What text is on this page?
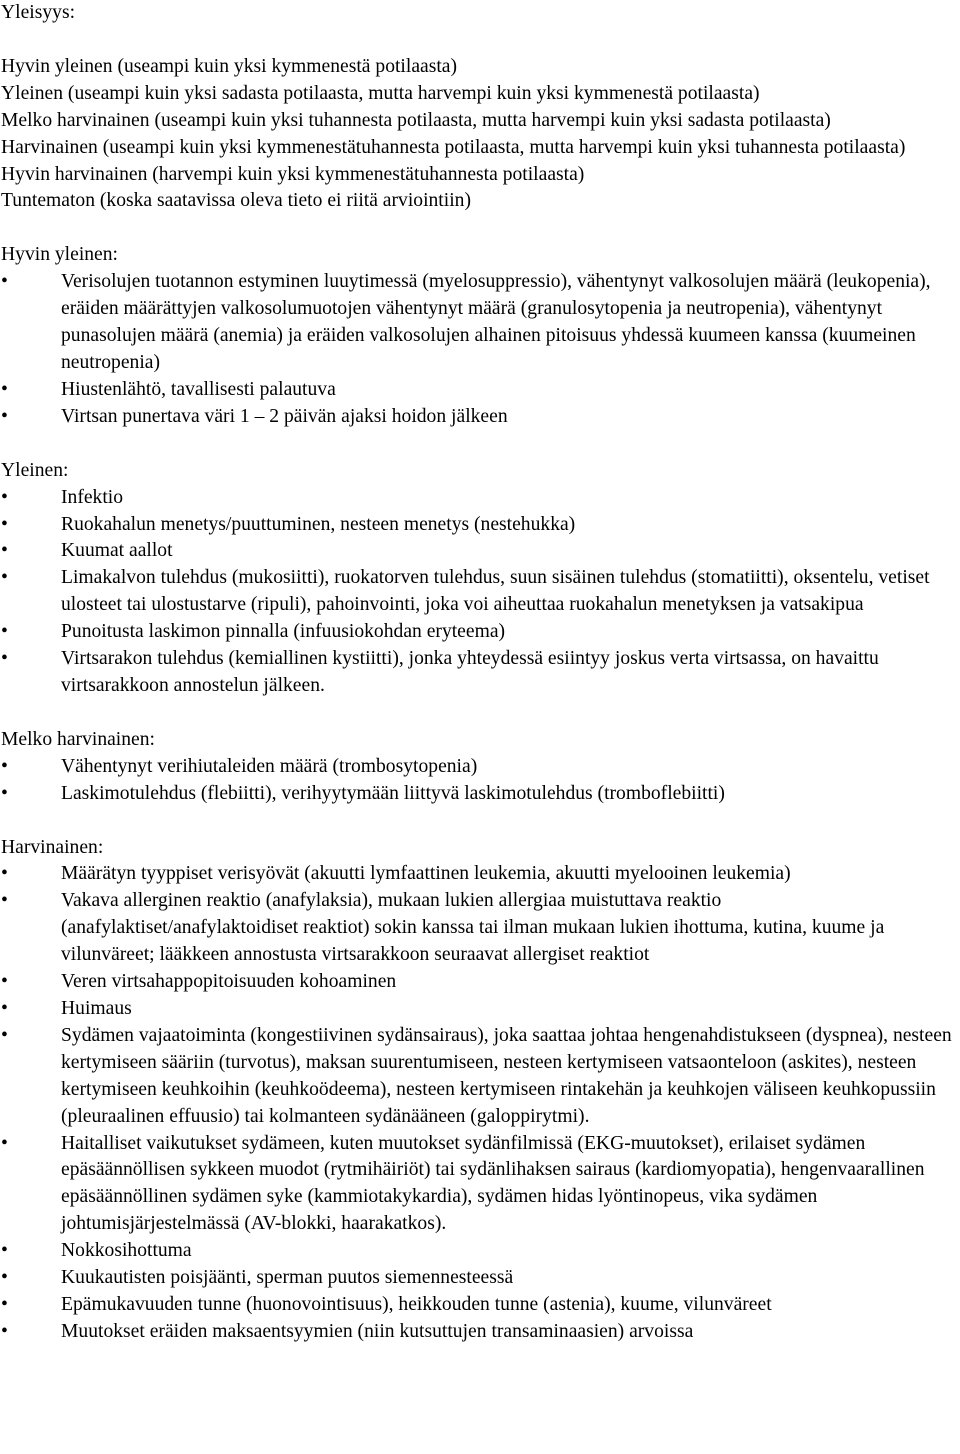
Yleisyys:

Hyvin yleinen (useampi kuin yksi kymmenestä potilaasta)
Yleinen (useampi kuin yksi sadasta potilaasta, mutta harvempi kuin yksi kymmenestä potilaasta)
Melko harvinainen (useampi kuin yksi tuhannesta potilaasta, mutta harvempi kuin yksi sadasta potilaasta)
Harvinainen (useampi kuin yksi kymmenestätuhannesta potilaasta, mutta harvempi kuin yksi tuhannesta potilaasta)
Hyvin harvinainen (harvempi kuin yksi kymmenestätuhannesta potilaasta)
Tuntematon (koska saatavissa oleva tieto ei riitä arviointiin)

Hyvin yleinen:

•	Verisolujen tuotannon estyminen luuytimessä (myelosuppressio), vähentynyt valkosolujen määrä (leukopenia), eräiden määrättyjen valkosolumuotojen vähentynyt määrä (granulosytopenia ja neutropenia), vähentynyt punasolujen määrä (anemia) ja eräiden valkosolujen alhainen pitoisuus yhdessä kuumeen kanssa (kuumeinen neutropenia)
•	Hiustenlähtö, tavallisesti palautuva
•	Virtsan punertava väri 1 – 2 päivän ajaksi hoidon jälkeen

Yleinen:

•	Infektio
•	Ruokahalun menetys/puuttuminen, nesteen menetys (nestehukka)
•	Kuumat aallot
•	Limakalvon tulehdus (mukosiitti), ruokatorven tulehdus, suun sisäinen tulehdus (stomatiitti), oksentelu, vetiset ulosteet tai ulostustarve (ripuli), pahoinvointi, joka voi aiheuttaa ruokahalun menetyksen ja vatsakipua
•	Punoitusta laskimon pinnalla (infuusiokohdan eryteema)
•	Virtsarakon tulehdus (kemiallinen kystiitti), jonka yhteydessä esiintyy joskus verta virtsassa, on havaittu virtsarakkoon annostelun jälkeen.

Melko harvinainen:

•	Vähentynyt verihiutaleiden määrä (trombosytopenia)
•	Laskimotulehdus (flebiitti), verihyytymään liittyvä laskimotulehdus (tromboflebiitti)

Harvinainen:

•	Määrätyn tyyppiset verisyövät (akuutti lymfaattinen leukemia, akuutti myelooinen leukemia)
•	Vakava allerginen reaktio (anafylaksia), mukaan lukien allergiaa muistuttava reaktio (anafylaktiset/anafylaktoidiset reaktiot) sokin kanssa tai ilman mukaan lukien ihottuma, kutina, kuume ja vilunväreet; lääkkeen annostusta virtsarakkoon seuraavat allergiset reaktiot
•	Veren virtsahappopitoisuuden kohoaminen
•	Huimaus
•	Sydämen vajaatoiminta (kongestiivinen sydänsairaus), joka saattaa johtaa hengenahdistukseen (dyspnea), nesteen kertymiseen sääriin (turvotus), maksan suurentumiseen, nesteen kertymiseen vatsaonteloon (askites), nesteen kertymiseen keuhkoihin (keuhkoödeema), nesteen kertymiseen rintakehän ja keuhkojen väliseen keuhkopussiin (pleuraalinen effuusio) tai kolmanteen sydänääneen (galoppirytmi).
•	Haitalliset vaikutukset sydämeen, kuten muutokset sydänfilmissä (EKG-muutokset), erilaiset sydämen epäsäännöllisen sykkeen muodot (rytmihäiriöt) tai sydänlihaksen sairaus (kardiomyopatia), hengenvaarallinen epäsäännöllinen sydämen syke (kammiotakykardia), sydämen hidas lyöntinopeus, vika sydämen johtumisjärjestelmässä (AV-blokki, haarakatkos).
•	Nokkosihottuma
•	Kuukautisten poisjäänti, sperman puutos siemennesteessä
•	Epämukavuuden tunne (huonovointisuus), heikkouden tunne (astenia), kuume, vilunväreet
•	Muutokset eräiden maksaentsyymien (niin kutsuttujen transaminaasien) arvoissa
